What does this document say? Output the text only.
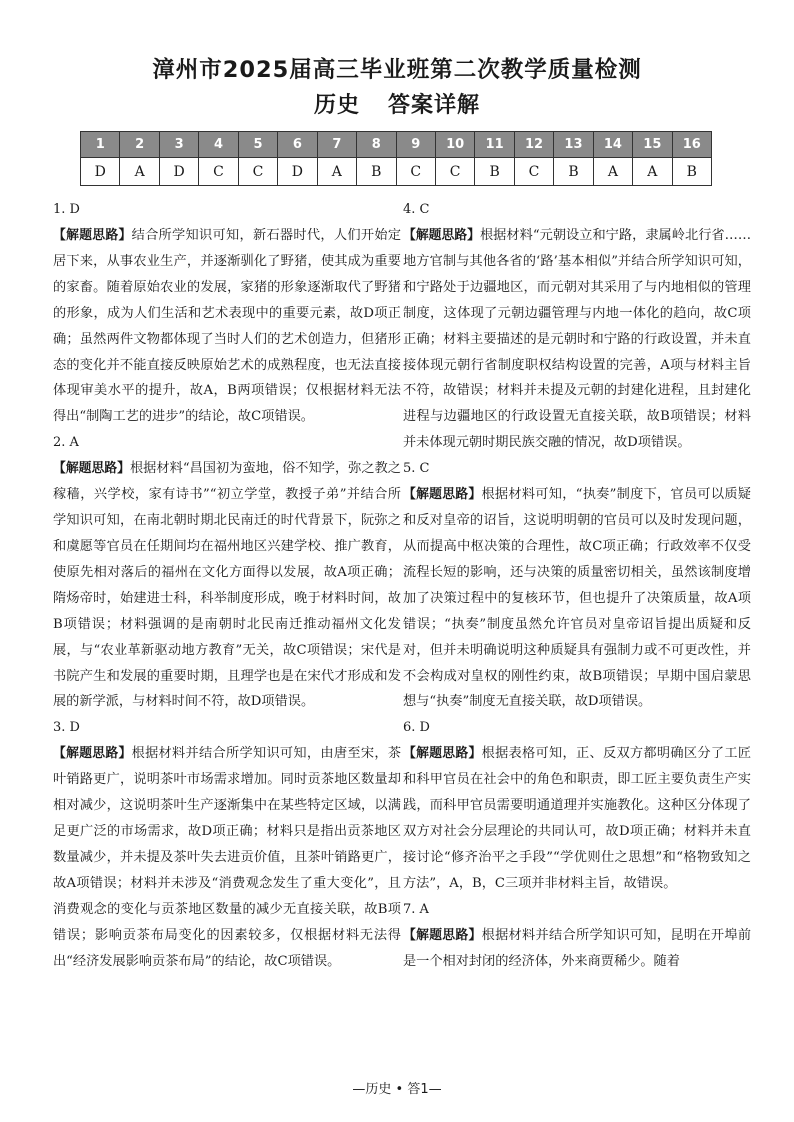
漳州市2025届高三毕业班第二次教学质量检测
历史 答案详解
1	2	3	4	5	6	7	8	9	10	11	12	13	14	15	16
D	A	D	C	C	D	A	B	C	C	B	C	B	A	A	B
1. D

【解题思路】结合所学知识可知，新石器时代，人们开始定居下来，从事农业生产，并逐渐驯化了野猪，使其成为重要的家畜。随着原始农业的发展，家猪的形象逐渐取代了野猪的形象，成为人们生活和艺术表现中的重要元素，故D项正确；虽然两件文物都体现了当时人们的艺术创造力，但猪形态的变化并不能直接反映原始艺术的成熟程度，也无法直接体现审美水平的提升，故A，B两项错误；仅根据材料无法得出“制陶工艺的进步”的结论，故C项错误。

2. A

【解题思路】根据材料“昌国初为蛮地，俗不知学，弥之教之稼穑，兴学校，家有诗书”“初立学堂，教授子弟”并结合所学知识可知，在南北朝时期北民南迁的时代背景下，阮弥之和虞愿等官员在任期间均在福州地区兴建学校、推广教育，使原先相对落后的福州在文化方面得以发展，故A项正确；隋炀帝时，始建进士科，科举制度形成，晚于材料时间，故B项错误；材料强调的是南朝时北民南迁推动福州文化发展，与“农业革新驱动地方教育”无关，故C项错误；宋代是书院产生和发展的重要时期，且理学也是在宋代才形成和发展的新学派，与材料时间不符，故D项错误。

3. D

【解题思路】根据材料并结合所学知识可知，由唐至宋，茶叶销路更广，说明茶叶市场需求增加。同时贡茶地区数量却相对减少，这说明茶叶生产逐渐集中在某些特定区域，以满足更广泛的市场需求，故D项正确；材料只是指出贡茶地区数量减少，并未提及茶叶失去进贡价值，且茶叶销路更广，故A项错误；材料并未涉及“消费观念发生了重大变化”，且消费观念的变化与贡茶地区数量的减少无直接关联，故B项错误；影响贡茶布局变化的因素较多，仅根据材料无法得出“经济发展影响贡茶布局”的结论，故C项错误。

4. C

【解题思路】根据材料“元朝设立和宁路，隶属岭北行省……地方官制与其他各省的‘路’基本相似”并结合所学知识可知，和宁路处于边疆地区，而元朝对其采用了与内地相似的管理制度，这体现了元朝边疆管理与内地一体化的趋向，故C项正确；材料主要描述的是元朝时和宁路的行政设置，并未直接体现元朝行省制度职权结构设置的完善，A项与材料主旨不符，故错误；材料并未提及元朝的封建化进程，且封建化进程与边疆地区的行政设置无直接关联，故B项错误；材料并未体现元朝时期民族交融的情况，故D项错误。

5. C

【解题思路】根据材料可知，“执奏”制度下，官员可以质疑和反对皇帝的诏旨，这说明明朝的官员可以及时发现问题，从而提高中枢决策的合理性，故C项正确；行政效率不仅受流程长短的影响，还与决策的质量密切相关，虽然该制度增加了决策过程中的复核环节，但也提升了决策质量，故A项错误；“执奏”制度虽然允许官员对皇帝诏旨提出质疑和反对，但并未明确说明这种质疑具有强制力或不可更改性，并不会构成对皇权的刚性约束，故B项错误；早期中国启蒙思想与“执奏”制度无直接关联，故D项错误。

6. D

【解题思路】根据表格可知，正、反双方都明确区分了工匠和科甲官员在社会中的角色和职责，即工匠主要负责生产实践，而科甲官员需要明通道理并实施教化。这种区分体现了双方对社会分层理论的共同认可，故D项正确；材料并未直接讨论“修齐治平之手段”“学优则仕之思想”和“格物致知之方法”，A，B，C三项并非材料主旨，故错误。

7. A

【解题思路】根据材料并结合所学知识可知，昆明在开埠前是一个相对封闭的经济体，外来商贾稀少。随着

—历史 • 答1—
